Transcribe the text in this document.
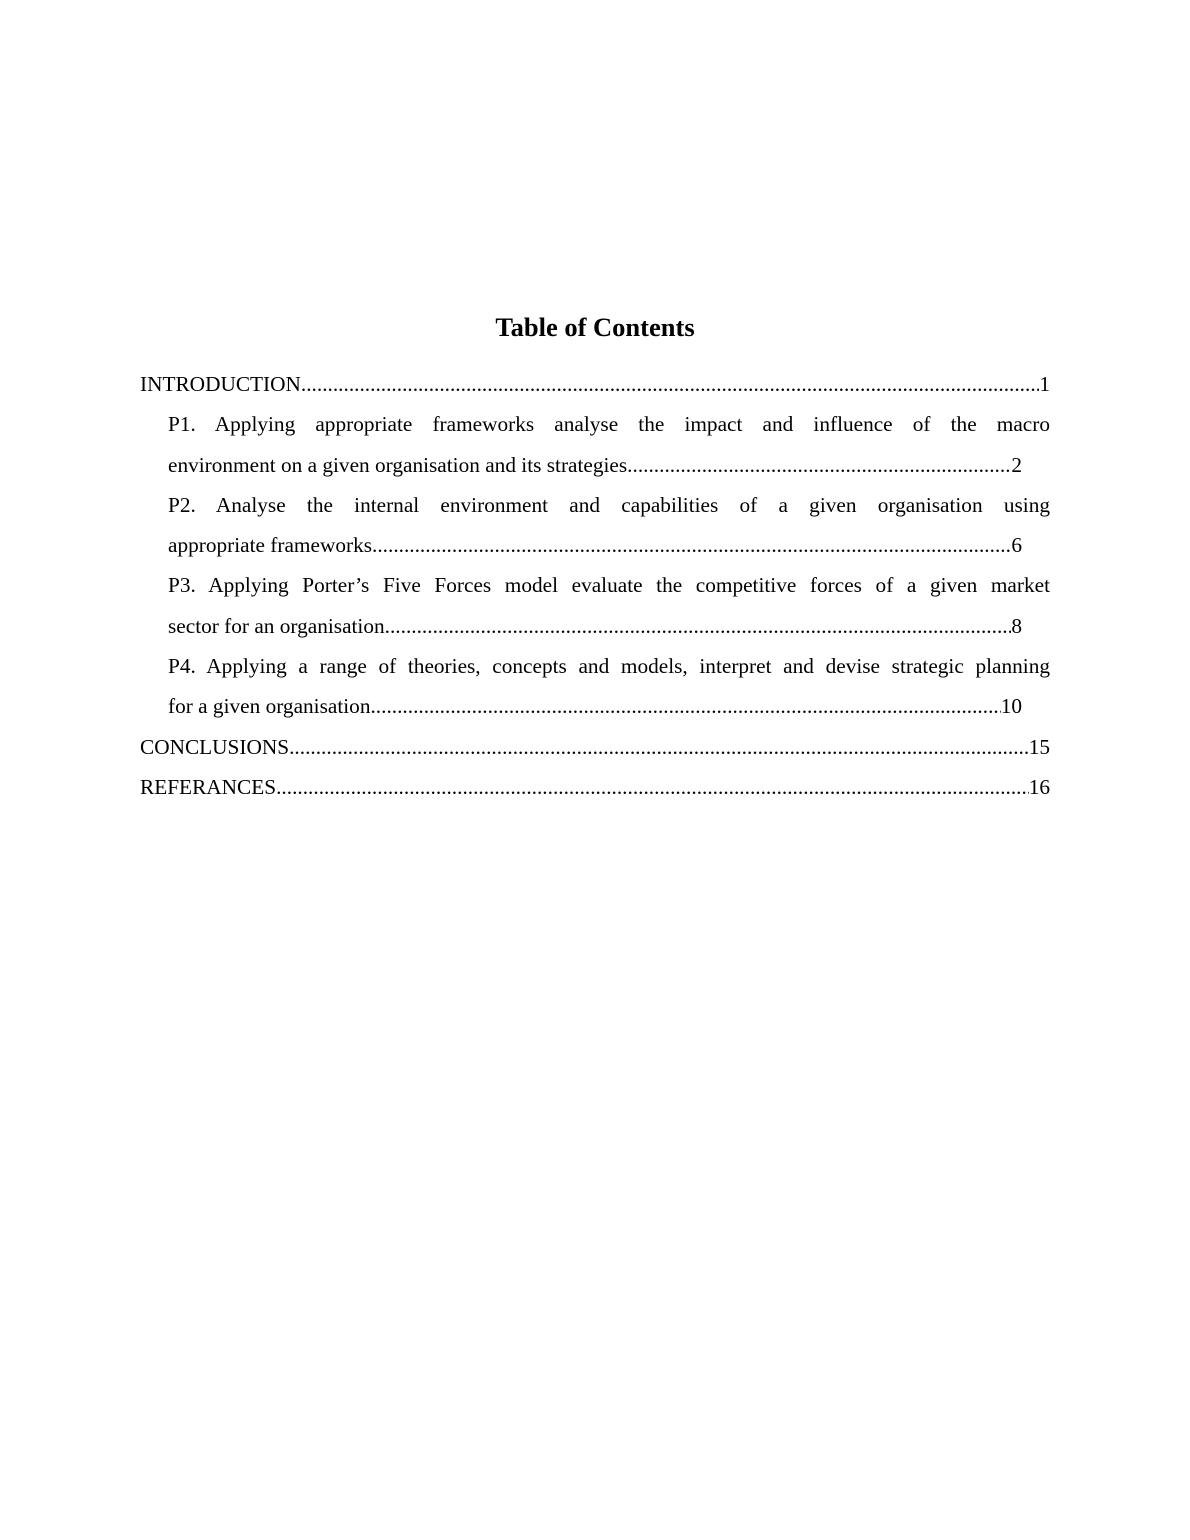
Table of Contents
INTRODUCTION .....	1
P1. Applying appropriate frameworks analyse the impact and influence of the macro
environment on a given organisation and its strategies .....	2
P2. Analyse the internal environment and capabilities of a given organisation using
appropriate frameworks .....	6
P3. Applying Porter’s Five Forces model evaluate the competitive forces of a given market
sector for an organisation .....	8
P4. Applying a range of theories, concepts and models, interpret and devise strategic planning
for a given organisation .....	10
CONCLUSIONS .....	15
REFERANCES .....	16
